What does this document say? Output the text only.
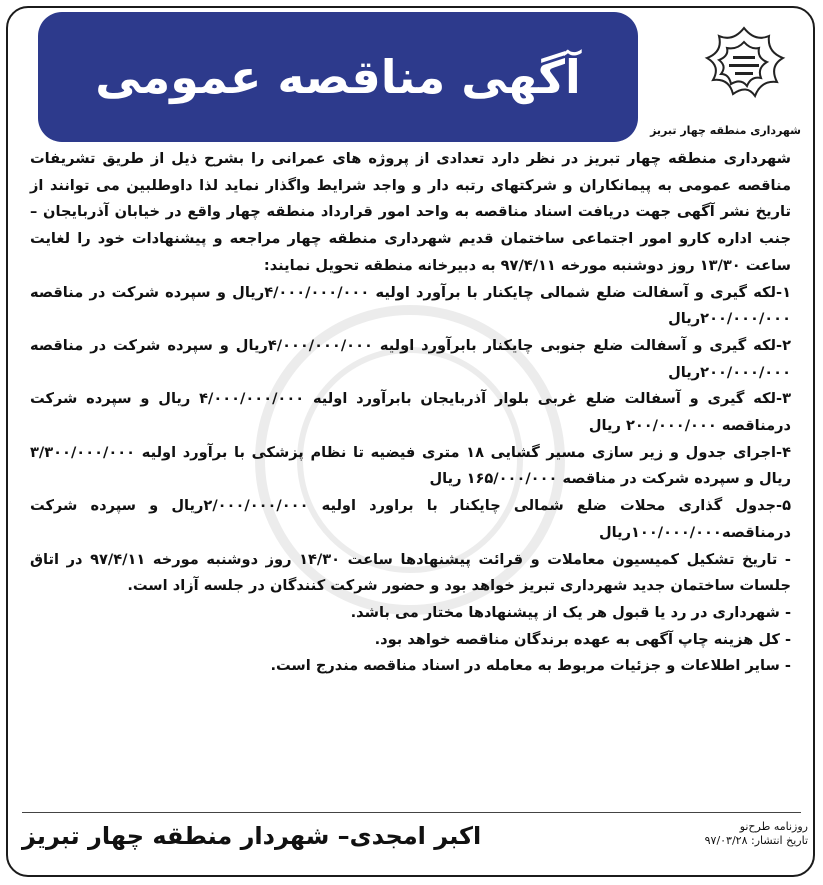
آگهی مناقصه عمومی
شهرداری منطقه چهار تبریز

شهرداری منطقه چهار تبریز در نظر دارد تعدادی از پروژه های عمرانی را بشرح ذیل از طریق تشریفات مناقصه عمومی به پیمانکاران و شرکتهای رتبه دار و واجد شرایط واگذار نماید لذا داوطلبین می توانند از تاریخ نشر آگهی جهت دریافت اسناد مناقصه به واحد امور قرارداد منطقه چهار واقع در خیابان آذربایجان – جنب اداره کارو امور اجتماعی ساختمان قدیم شهرداری منطقه چهار مراجعه و پیشنهادات خود را لغایت ساعت ۱۳/۳۰ روز دوشنبه مورخه ۹۷/۴/۱۱ به دبیرخانه منطقه تحویل نمایند:

۱-لکه گیری و آسفالت ضلع شمالی چایکنار با برآورد اولیه ۴/۰۰۰/۰۰۰/۰۰۰ریال و سپرده شرکت در مناقصه ۲۰۰/۰۰۰/۰۰۰ریال

۲-لکه گیری و آسفالت ضلع جنوبی چایکنار بابرآورد اولیه ۴/۰۰۰/۰۰۰/۰۰۰ریال و سپرده شرکت در مناقصه ۲۰۰/۰۰۰/۰۰۰ریال

۳-لکه گیری و آسفالت ضلع غربی بلوار آذربایجان بابرآورد اولیه ۴/۰۰۰/۰۰۰/۰۰۰ ریال و سپرده شرکت درمناقصه ۲۰۰/۰۰۰/۰۰۰ ریال

۴-اجرای جدول و زیر سازی مسیر گشایی ۱۸ متری فیضیه تا نظام پزشکی با برآورد اولیه ۳/۳۰۰/۰۰۰/۰۰۰ ریال و سپرده شرکت در مناقصه ۱۶۵/۰۰۰/۰۰۰ ریال

۵-جدول گذاری محلات ضلع شمالی چایکنار با براورد اولیه ۲/۰۰۰/۰۰۰/۰۰۰ریال و سپرده شرکت درمناقصه۱۰۰/۰۰۰/۰۰۰ریال

- تاریخ تشکیل کمیسیون معاملات و قرائت پیشنهادها ساعت ۱۴/۳۰ روز دوشنبه مورخه ۹۷/۴/۱۱ در اتاق جلسات ساختمان جدید شهرداری تبریز خواهد بود و حضور شرکت کنندگان در جلسه آزاد است.

- شهرداری در رد یا قبول هر یک از پیشنهادها مختار می باشد.

- کل هزینه چاپ آگهی به عهده برندگان مناقصه خواهد بود.

- سایر اطلاعات و جزئیات مربوط به معامله در اسناد مناقصه مندرج است.

اکبر امجدی– شهردار منطقه چهار تبریز	روزنامه طرح‌نو
تاریخ انتشار: ۹۷/۰۳/۲۸
